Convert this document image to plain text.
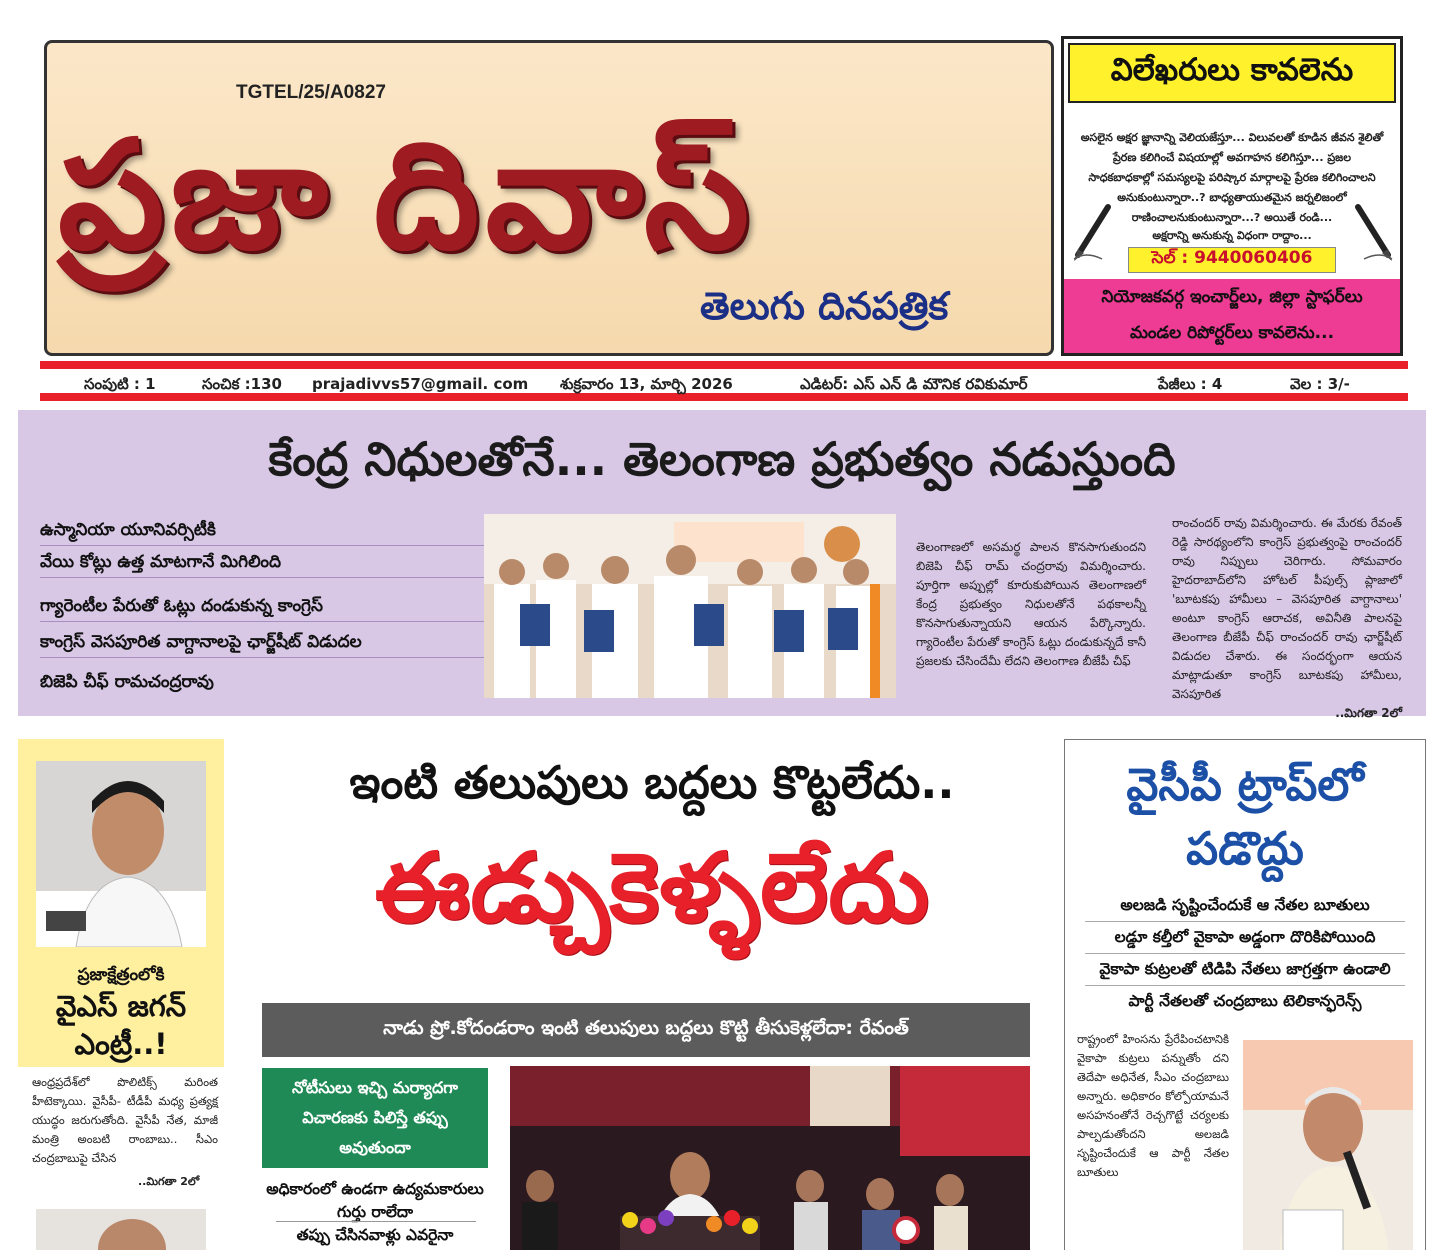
TGTEL/25/A0827
ప్రజా దివాస్
తెలుగు దినపత్రిక
విలేఖరులు కావలెను
అసలైన అక్షర జ్ఞానాన్ని వెలియజేస్తూ... విలువలతో కూడిన జీవన శైలితో
ప్రేరణ కలిగించే విషయాల్లో అవగాహన కలిగిస్తూ... ప్రజల
సాధకబాధకాల్లో సమస్యలపై పరిష్కార మార్గాలపై ప్రేరణ కలిగించాలని
అనుకుంటున్నారా..? బాధ్యతాయుతమైన జర్నలిజంలో
రాణించాలనుకుంటున్నారా...? అయితే రండి...
అక్షరాన్ని అనుకున్న విధంగా రాద్దాం...
సెల్ : 9440060406
నియోజకవర్గ ఇంచార్జ్‌లు, జిల్లా స్టాఫర్‌లు
మండల రిపోర్టర్‌లు కావలెను...
సంపుటి : 1	సంచిక :130 prajadivvs57@gmail. com శుక్రవారం 13, మార్చి 2026	ఎడిటర్: ఎస్ ఎన్ డి మౌనిక రవికుమార్	పేజీలు : 4	వెల : 3/-
కేంద్ర నిధులతోనే... తెలంగాణ ప్రభుత్వం నడుస్తుంది
ఉస్మానియా యూనివర్సిటీకి
వేయి కోట్లు ఉత్త మాటగానే మిగిలింది
గ్యారెంటీల పేరుతో ఓట్లు దండుకున్న కాంగ్రెస్
కాంగ్రెస్ వెసపూరిత వాగ్దానాలపై ఛార్జ్‌షీట్ విడుదల
బిజెపి చీఫ్ రామచంద్రరావు

తెలంగాణలో అసమర్థ పాలన కొనసాగుతుందని బిజెపి చీఫ్ రామ్ చంద్రరావు విమర్శించారు. పూర్తిగా అప్పుల్లో కూరుకుపోయిన తెలంగాణలో కేంద్ర ప్రభుత్వం నిధులతోనే పథకాలన్నీ కొనసాగుతున్నాయని ఆయన పేర్కొన్నారు. గ్యారెంటీల పేరుతో కాంగ్రెస్ ఓట్లు దండుకున్నదే కానీ ప్రజలకు చేసిందేమీ లేదని తెలంగాణ బీజేపీ చీఫ్

రాంచందర్ రావు విమర్శించారు. ఈ మేరకు రేవంత్ రెడ్డి సారథ్యంలోని కాంగ్రెస్ ప్రభుత్వంపై రాంచందర్ రావు నిప్పులు చెరిగారు. సోమవారం హైదరాబాద్‌లోని హోటల్ పీపుల్స్ ప్లాజాలో 'బూటకపు హామీలు – వెసపూరిత వాగ్దానాలు' అంటూ కాంగ్రెస్ ఆరాచక, అవినీతి పాలనపై తెలంగాణ బీజేపీ చీఫ్ రాంచందర్ రావు ఛార్జ్‌షీట్ విడుదల చేశారు. ఈ సందర్భంగా ఆయన మాట్లాడుతూ కాంగ్రెస్ బూటకపు హామీలు, వెసపూరిత

..మిగతా 2లో

ప్రజాక్షేత్రంలోకి
వైఎస్ జగన్
ఎంట్రీ..!
ఆంధ్రప్రదేశ్‌లో పొలిటిక్స్ మరింత హీటెక్కాయి. వైసీపీ- టీడీపీ మధ్య ప్రత్యక్ష యుద్ధం జరుగుతోంది. వైసీపీ నేత, మాజీ మంత్రి అంబటి రాంబాబు.. సీఎం చంద్రబాబుపై చేసిన
..మిగతా 2లో
ఇంటి తలుపులు బద్దలు కొట్టలేదు..
ఈడ్చుకెళ్ళలేదు
నాడు ప్రో.కోదండరాం ఇంటి తలుపులు బద్దలు కొట్టి తీసుకెళ్లలేదా: రేవంత్
నోటీసులు ఇచ్చి మర్యాదగా
విచారణకు పిలిస్తే తప్పు
అవుతుందా
అధికారంలో ఉండగా ఉద్యమకారులు గుర్తు రాలేదా
తప్పు చేసినవాళ్లు ఎవరైనా
వైసీపీ ట్రాప్‌లో
పడొద్దు
అలజడి సృష్టించేందుకే ఆ నేతల బూతులు
లడ్డూ కల్తీలో వైకాపా అడ్డంగా దొరికిపోయింది
వైకాపా కుట్రలతో టిడిపి నేతలు జాగ్రత్తగా ఉండాలి
పార్టీ నేతలతో చంద్రబాబు టెలికాన్ఫరెన్స్
రాష్ట్రంలో హింసను ప్రేరేపించటానికి వైకాపా కుట్రలు పన్నుతోం దని తెదేపా అధినేత, సీఎం చంద్రబాబు అన్నారు. అధికారం కోల్పోయామనే అసహనంతోనే రెచ్చగొట్టే చర్యలకు పాల్పడుతోందని అలజడి సృష్టించేందుకే ఆ పార్టీ నేతల బూతులు
